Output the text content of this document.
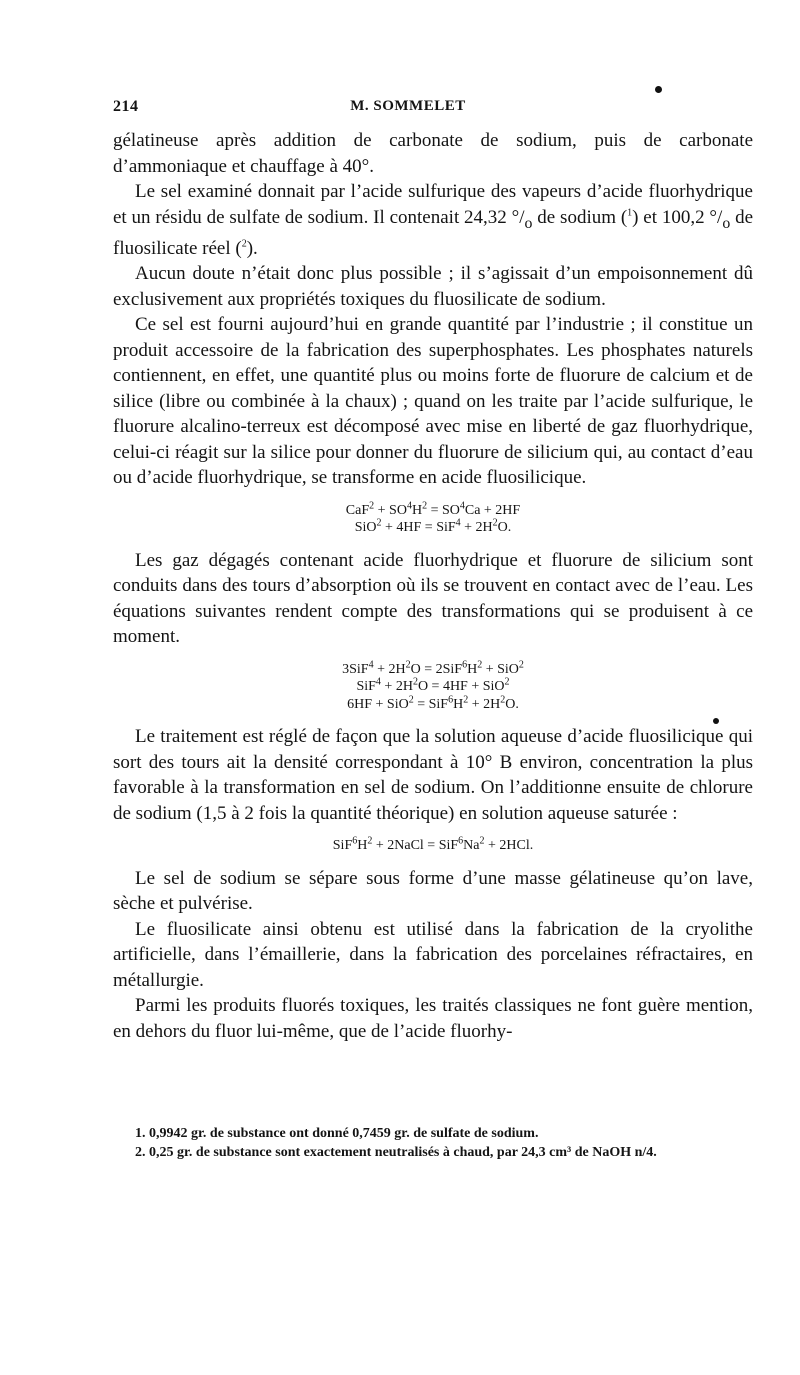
214	M. SOMMELET

gélatineuse après addition de carbonate de sodium, puis de carbonate d’ammoniaque et chauffage à 40°.

Le sel examiné donnait par l’acide sulfurique des vapeurs d’acide fluorhydrique et un résidu de sulfate de sodium. Il contenait 24,32 $^\circ/_o$ de sodium ($^1$) et 100,2 $^\circ/_o$ de fluosilicate réel ($^2$).

Aucun doute n’était donc plus possible ; il s’agissait d’un empoisonnement dû exclusivement aux propriétés toxiques du fluosilicate de sodium.

Ce sel est fourni aujourd’hui en grande quantité par l’industrie ; il constitue un produit accessoire de la fabrication des superphosphates. Les phosphates naturels contiennent, en effet, une quantité plus ou moins forte de fluorure de calcium et de silice (libre ou combinée à la chaux) ; quand on les traite par l’acide sulfurique, le fluorure alcalino-terreux est décomposé avec mise en liberté de gaz fluorhydrique, celui-ci réagit sur la silice pour donner du fluorure de silicium qui, au contact d’eau ou d’acide fluorhydrique, se transforme en acide fluosilicique.

$CaF^2 + SO^4H^2 = SO^4Ca + 2HF$
$SiO^2 + 4HF = SiF^4 + 2H^2O$.

Les gaz dégagés contenant acide fluorhydrique et fluorure de silicium sont conduits dans des tours d’absorption où ils se trouvent en contact avec de l’eau. Les équations suivantes rendent compte des transformations qui se produisent à ce moment.

$3SiF^4 + 2H^2O = 2SiF^6H^2 + SiO^2$
$SiF^4 + 2H^2O = 4HF + SiO^2$
$6HF + SiO^2 = SiF^6H^2 + 2H^2O$.

Le traitement est réglé de façon que la solution aqueuse d’acide fluosilicique qui sort des tours ait la densité correspondant à 10° B environ, concentration la plus favorable à la transformation en sel de sodium. On l’additionne ensuite de chlorure de sodium (1,5 à 2 fois la quantité théorique) en solution aqueuse saturée :

$SiF^6H^2$ + 2NaCl = $SiF^6Na^2 + 2HCl$.

Le sel de sodium se sépare sous forme d’une masse gélatineuse qu’on lave, sèche et pulvérise.

Le fluosilicate ainsi obtenu est utilisé dans la fabrication de la cryolithe artificielle, dans l’émaillerie, dans la fabrication des porcelaines réfractaires, en métallurgie.

Parmi les produits fluorés toxiques, les traités classiques ne font guère mention, en dehors du fluor lui-même, que de l’acide fluorhy-

1. 0,9942 gr. de substance ont donné 0,7459 gr. de sulfate de sodium.

2. 0,25 gr. de substance sont exactement neutralisés à chaud, par 24,3 cm³ de NaOH n/4.
